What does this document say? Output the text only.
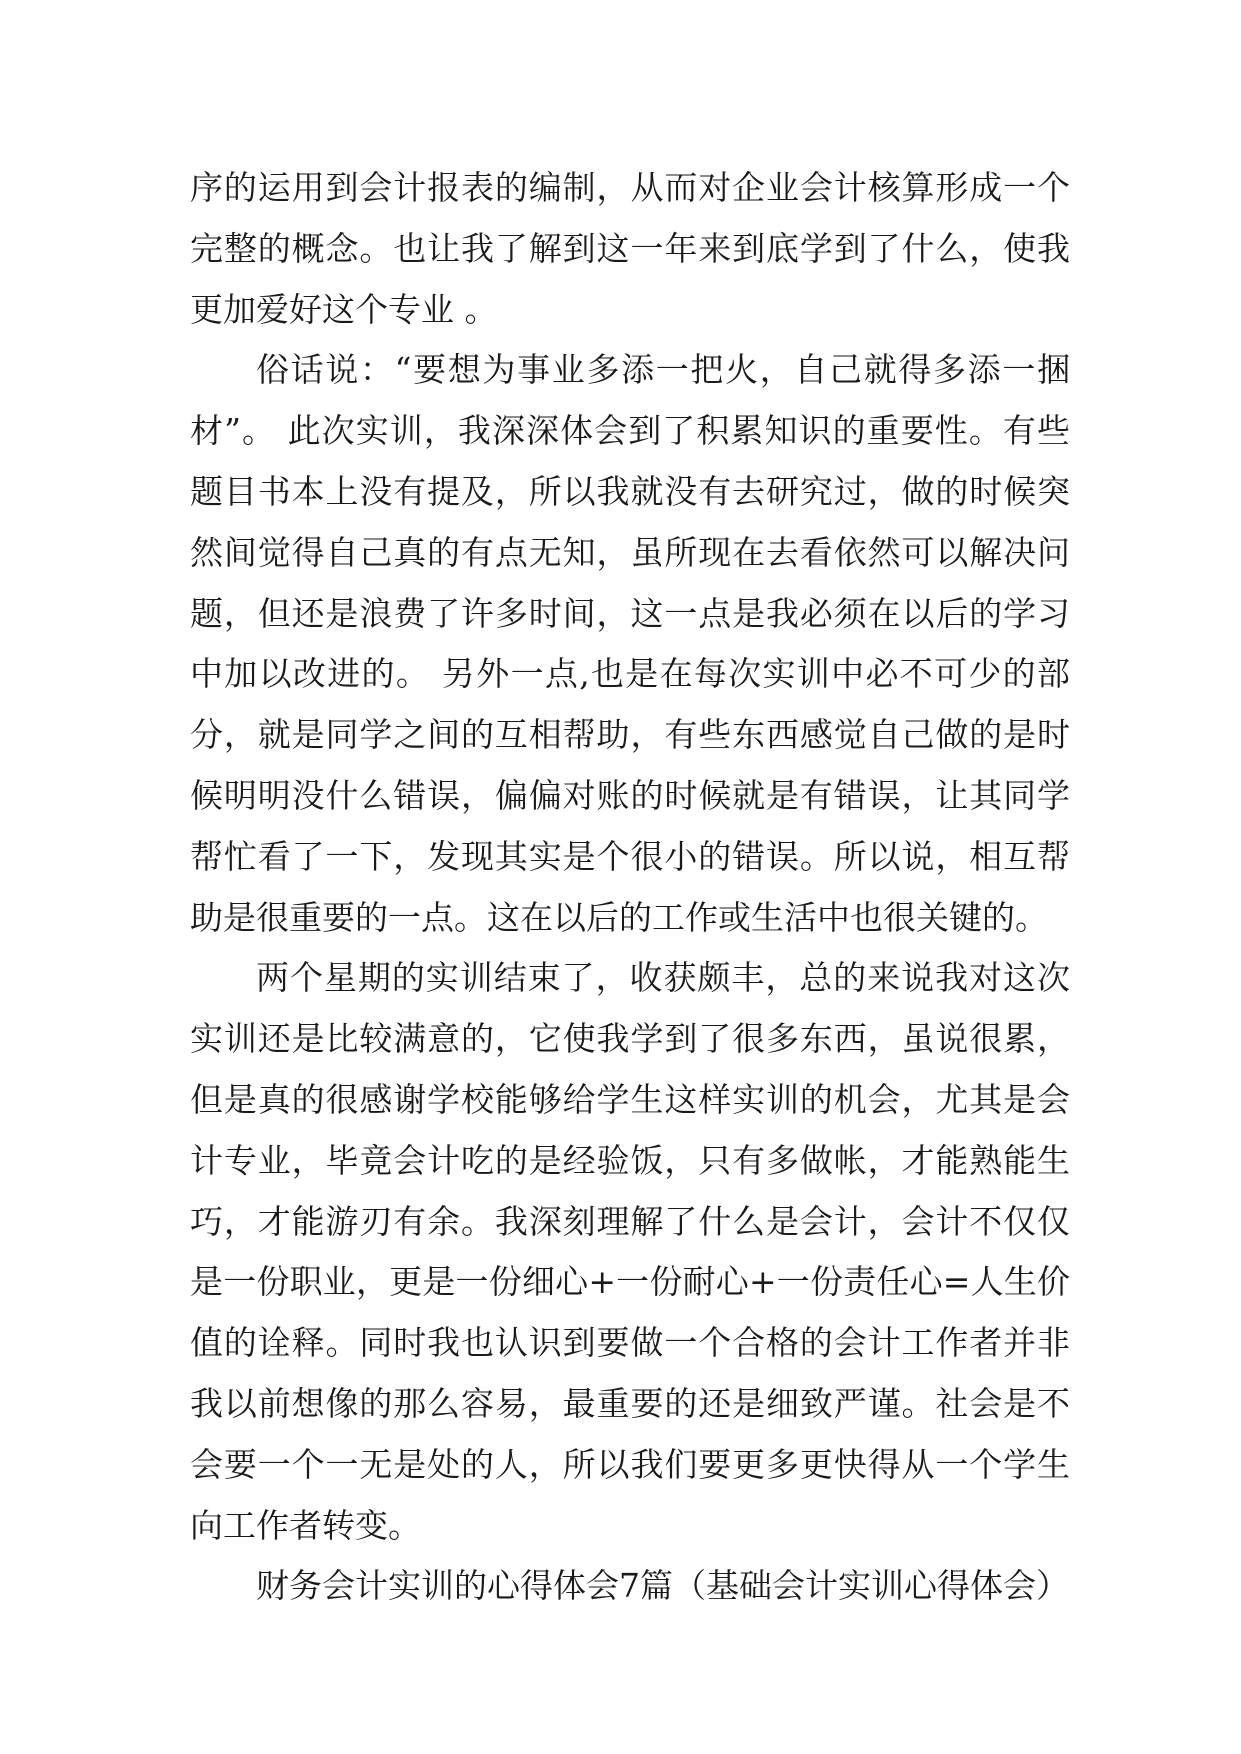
序的运用到会计报表的编制，从而对企业会计核算形成一个
完整的概念。也让我了解到这一年来到底学到了什么，使我
更加爱好这个专业 。
俗话说：“要想为事业多添一把火，自己就得多添一捆
材”。 此次实训，我深深体会到了积累知识的重要性。有些
题目书本上没有提及，所以我就没有去研究过，做的时候突
然间觉得自己真的有点无知，虽所现在去看依然可以解决问
题，但还是浪费了许多时间，这一点是我必须在以后的学习
中加以改进的。 另外一点,也是在每次实训中必不可少的部
分，就是同学之间的互相帮助，有些东西感觉自己做的是时
候明明没什么错误，偏偏对账的时候就是有错误，让其同学
帮忙看了一下，发现其实是个很小的错误。所以说，相互帮
助是很重要的一点。这在以后的工作或生活中也很关键的。
两个星期的实训结束了，收获颇丰，总的来说我对这次
实训还是比较满意的，它使我学到了很多东西，虽说很累，
但是真的很感谢学校能够给学生这样实训的机会，尤其是会
计专业，毕竟会计吃的是经验饭，只有多做帐，才能熟能生
巧，才能游刃有余。我深刻理解了什么是会计，会计不仅仅
是一份职业，更是一份细心+一份耐心+一份责任心=人生价
值的诠释。同时我也认识到要做一个合格的会计工作者并非
我以前想像的那么容易，最重要的还是细致严谨。社会是不
会要一个一无是处的人，所以我们要更多更快得从一个学生
向工作者转变。
财务会计实训的心得体会7篇（基础会计实训心得体会）
